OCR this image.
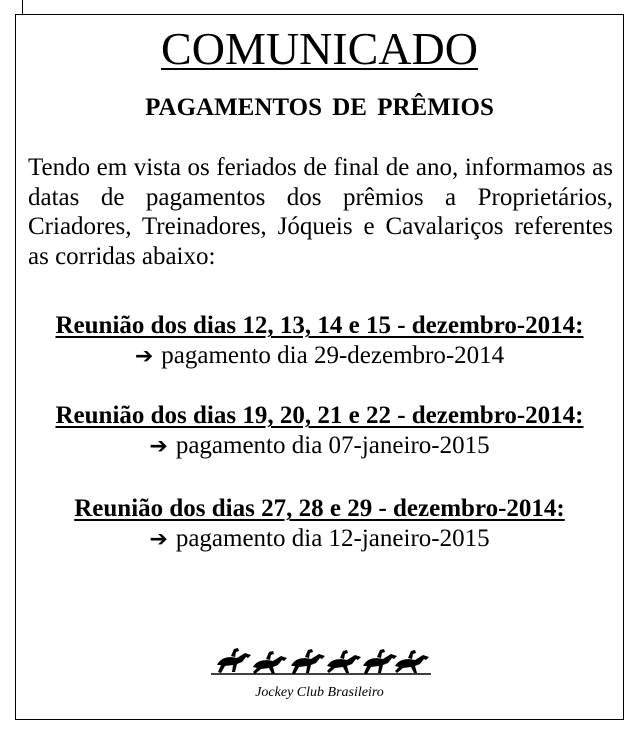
COMUNICADO
PAGAMENTOS DE PRÊMIOS
Tendo em vista os feriados de final de ano, informamos as datas de pagamentos dos prêmios a Proprietários, Criadores, Treinadores, Jóqueis e Cavalariços referentes as corridas abaixo:
Reunião dos dias 12, 13, 14 e 15 - dezembro-2014:
➔ pagamento dia 29-dezembro-2014
Reunião dos dias 19, 20, 21 e 22 - dezembro-2014:
➔ pagamento dia 07-janeiro-2015
Reunião dos dias 27, 28 e 29 - dezembro-2014:
➔ pagamento dia 12-janeiro-2015
Jockey Club Brasileiro
